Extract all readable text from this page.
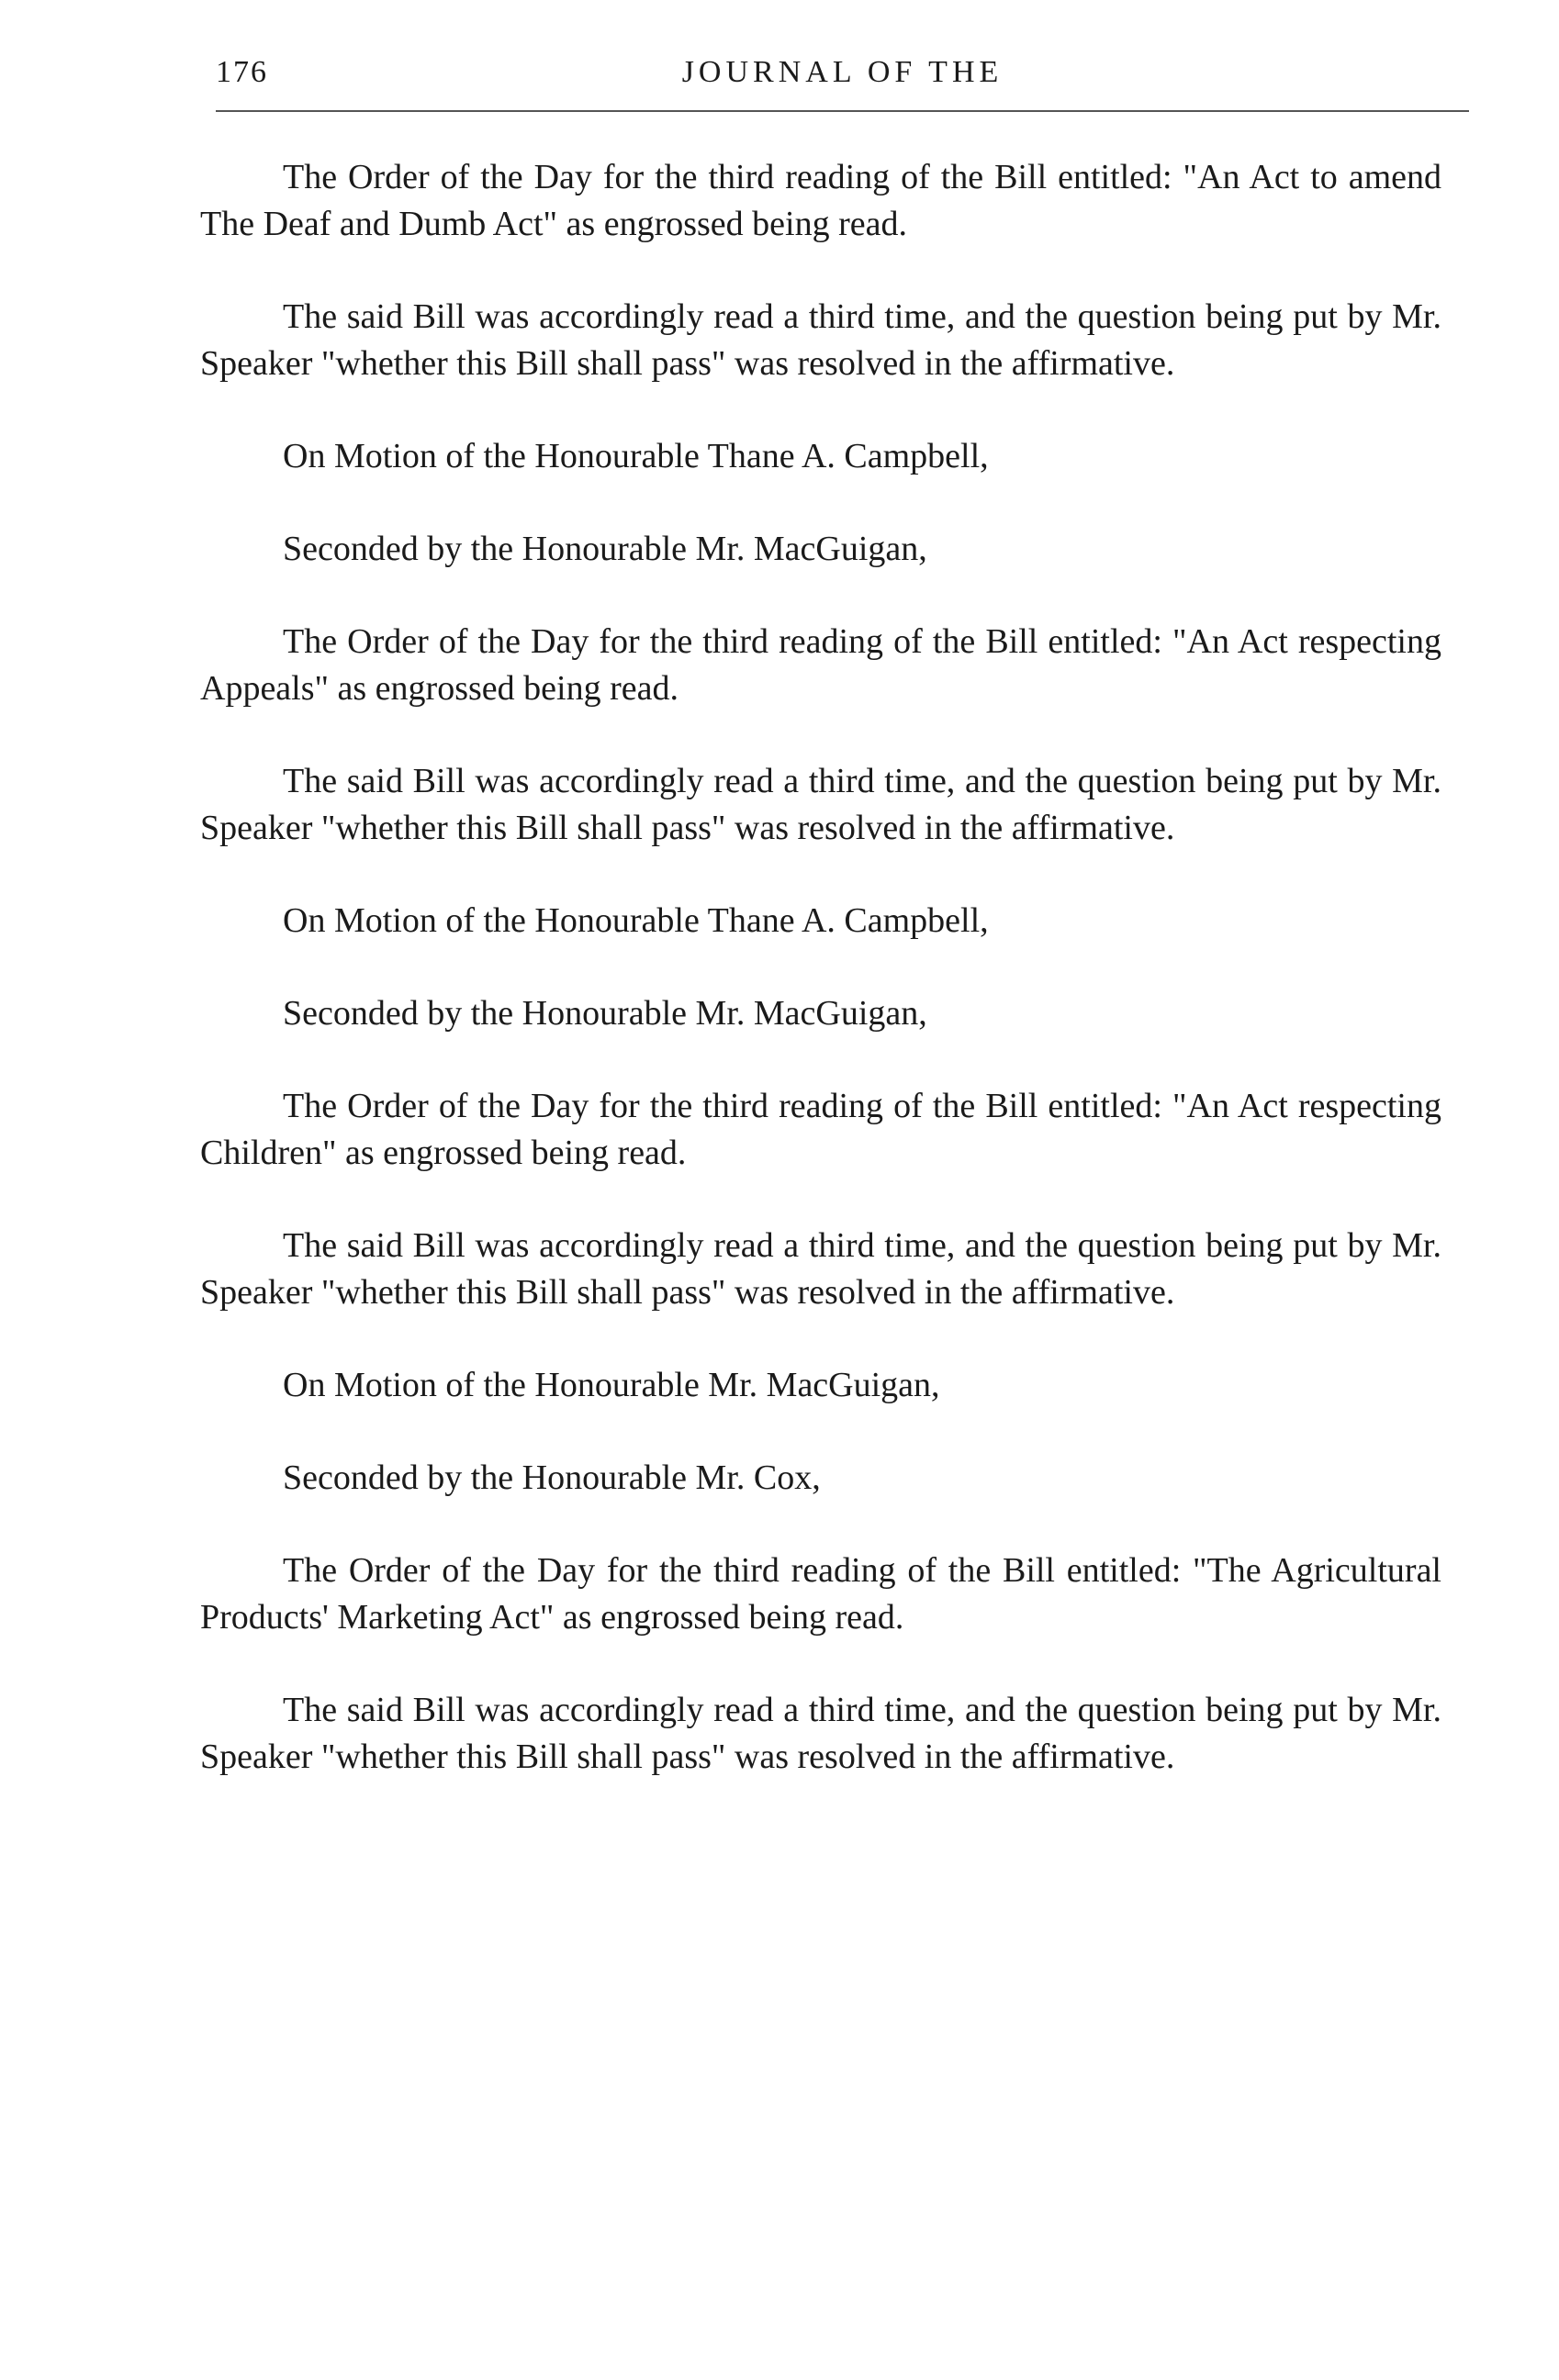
176	JOURNAL OF THE

The Order of the Day for the third reading of the Bill entitled: "An Act to amend The Deaf and Dumb Act" as engrossed being read.

The said Bill was accordingly read a third time, and the question being put by Mr. Speaker "whether this Bill shall pass" was resolved in the affirmative.

On Motion of the Honourable Thane A. Campbell,

Seconded by the Honourable Mr. MacGuigan,

The Order of the Day for the third reading of the Bill entitled: "An Act respecting Appeals" as engrossed being read.

The said Bill was accordingly read a third time, and the question being put by Mr. Speaker "whether this Bill shall pass" was resolved in the affirmative.

On Motion of the Honourable Thane A. Campbell,

Seconded by the Honourable Mr. MacGuigan,

The Order of the Day for the third reading of the Bill entitled: "An Act respecting Children" as engrossed being read.

The said Bill was accordingly read a third time, and the question being put by Mr. Speaker "whether this Bill shall pass" was resolved in the affirmative.

On Motion of the Honourable Mr. MacGuigan,

Seconded by the Honourable Mr. Cox,

The Order of the Day for the third reading of the Bill entitled: "The Agricultural Products' Marketing Act" as engrossed being read.

The said Bill was accordingly read a third time, and the question being put by Mr. Speaker "whether this Bill shall pass" was resolved in the affirmative.
